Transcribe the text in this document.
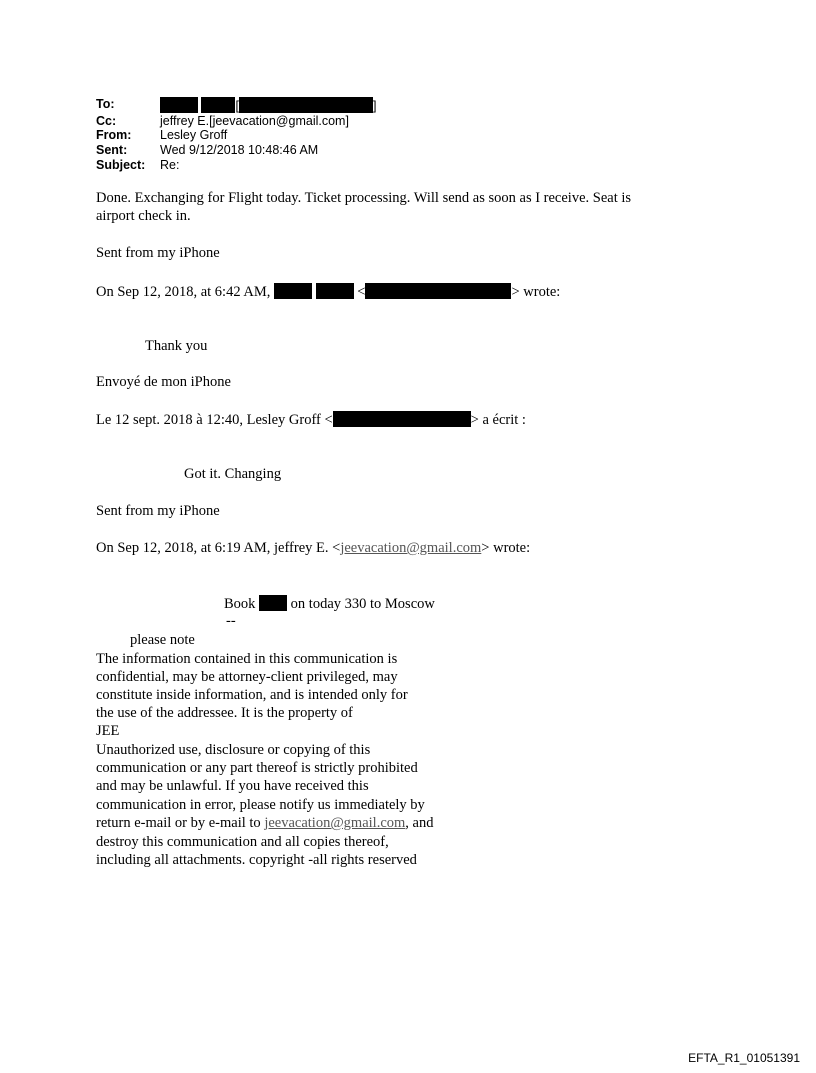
To:	[	]
Cc:	jeffrey E.[jeevacation@gmail.com]
From: Lesley Groff
Sent:	Wed 9/12/2018 10:48:46 AM
Subject: Re:
Done. Exchanging for Flight today. Ticket processing. Will send as soon as I receive. Seat is
airport check in.
Sent from my iPhone
On Sep 12, 2018, at 6:42 AM,	<	> wrote:
Thank you
Envoyé de mon iPhone
Le 12 sept. 2018 à 12:40, Lesley Groff <	> a écrit :
Got it. Changing
Sent from my iPhone
On Sep 12, 2018, at 6:19 AM, jeffrey E. <jeevacation@gmail.com> wrote:
Book on today 330 to Moscow
--
please note
The information contained in this communication is
confidential, may be attorney-client privileged, may
constitute inside information, and is intended only for
the use of the addressee. It is the property of
JEE
Unauthorized use, disclosure or copying of this
communication or any part thereof is strictly prohibited
and may be unlawful. If you have received this
communication in error, please notify us immediately by
return e-mail or by e-mail to jeevacation@gmail.com, and
destroy this communication and all copies thereof,
including all attachments. copyright -all rights reserved
EFTA_R1_01051391
